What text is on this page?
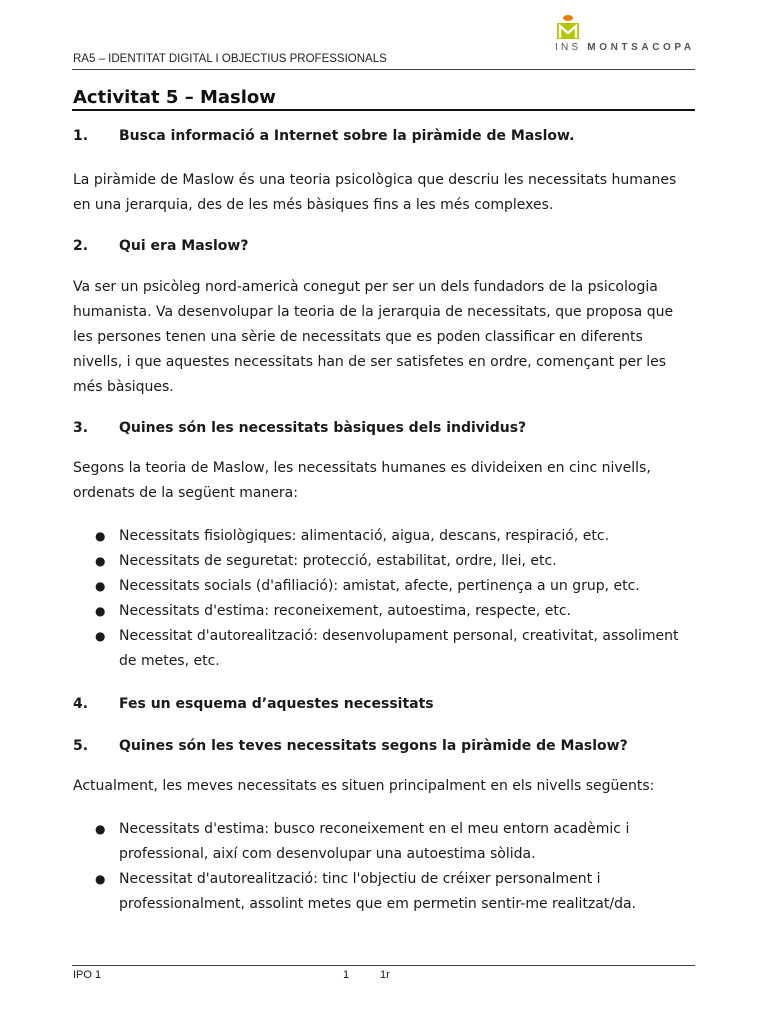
RA5 – IDENTITAT DIGITAL I OBJECTIUS PROFESSIONALS
INS MONTSACOPA
Activitat 5 – Maslow

1.	Busca informació a Internet sobre la piràmide de Maslow.

La piràmide de Maslow és una teoria psicològica que descriu les necessitats humanes en una jerarquia, des de les més bàsiques fins a les més complexes.

2.	Qui era Maslow?

Va ser un psicòleg nord-americà conegut per ser un dels fundadors de la psicologia humanista. Va desenvolupar la teoria de la jerarquia de necessitats, que proposa que les persones tenen una sèrie de necessitats que es poden classificar en diferents nivells, i que aquestes necessitats han de ser satisfetes en ordre, començant per les més bàsiques.

3.	Quines són les necessitats bàsiques dels individus?

Segons la teoria de Maslow, les necessitats humanes es divideixen en cinc nivells, ordenats de la següent manera:

● Necessitats fisiològiques: alimentació, aigua, descans, respiració, etc.
● Necessitats de seguretat: protecció, estabilitat, ordre, llei, etc.
● Necessitats socials (d'afiliació): amistat, afecte, pertinença a un grup, etc.
● Necessitats d'estima: reconeixement, autoestima, respecte, etc.
● Necessitat d'autorealització: desenvolupament personal, creativitat, assoliment de metes, etc.

4.	Fes un esquema d’aquestes necessitats

5.	Quines són les teves necessitats segons la piràmide de Maslow?

Actualment, les meves necessitats es situen principalment en els nivells següents:

● Necessitats d'estima: busco reconeixement en el meu entorn acadèmic i professional, així com desenvolupar una autoestima sòlida.
● Necessitat d'autorealització: tinc l'objectiu de créixer personalment i professionalment, assolint metes que em permetin sentir-me realitzat/da.
IPO 1	1	1r
